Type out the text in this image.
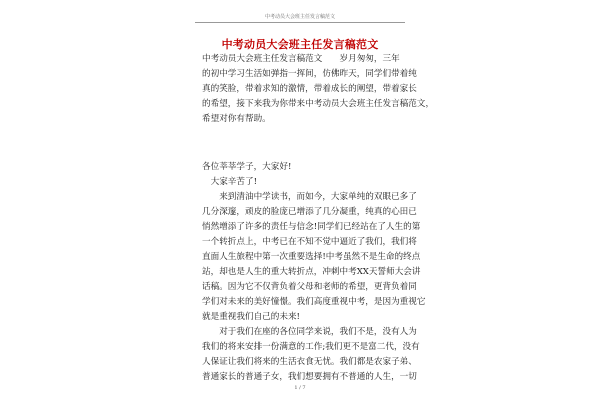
中考动员大会班主任发言稿范文
中考动员大会班主任发言稿范文
中考动员大会班主任发言稿范文　　岁月匆匆，三年
的初中学习生活如弹指一挥间，仿佛昨天，同学们带着纯
真的笑脸，带着求知的激情，带着成长的阐望，带着家长
的希望，接下来我为你带来中考动员大会班主任发言稿范文，
希望对你有帮助。
各位莘莘学子，大家好!
　大家辛苦了!
　　来到清油中学读书，而如今，大家单纯的双眼已多了
几分深邃，顽皮的脸庞已增添了几分凝重，纯真的心田已
悄然增添了许多的责任与信念!同学们已经站在了人生的第
一个转折点上，中考已在不知不觉中逼近了我们，我们将
直面人生旅程中第一次重要选择!中考虽然不是生命的终点
站，却也是人生的重大转折点，冲刺中考XX天誓师大会讲
话稿。因为它不仅背负着父母和老师的希望，更背负着同
学们对未来的美好憧憬。我们高度重视中考，是因为重视它
就是重视我们自己的未来!
　　对于我们在座的各位同学来说，我们不是，没有人为
我们的将来安排一份满意的工作;我们更不是富二代，没有
人保证让我们将来的生活衣食无忧。我们都是农家子弟、
普通家长的普通子女，我们想要拥有不普通的人生，一切
1 / 7
